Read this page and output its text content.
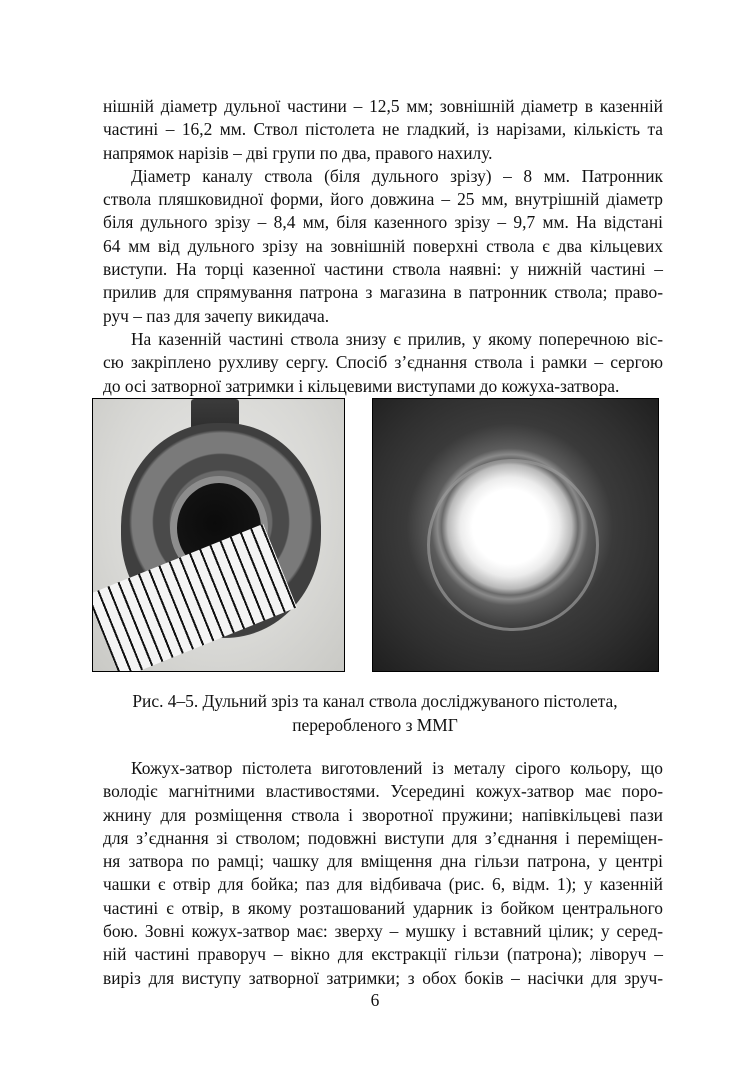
нішній діаметр дульної частини – 12,5 мм; зовнішній діаметр в казенній
частині – 16,2 мм. Ствол пістолета не гладкий, із нарізами, кількість та
напрямок нарізів – дві групи по два, правого нахилу.
Діаметр каналу ствола (біля дульного зрізу) – 8 мм. Патронник
ствола пляшковидної форми, його довжина – 25 мм, внутрішній діаметр
біля дульного зрізу – 8,4 мм, біля казенного зрізу – 9,7 мм. На відстані
64 мм від дульного зрізу на зовнішній поверхні ствола є два кільцевих
виступи. На торці казенної частини ствола наявні: у нижній частині –
прилив для спрямування патрона з магазина в патронник ствола; право-
руч – паз для зачепу викидача.
На казенній частині ствола знизу є прилив, у якому поперечною віс-
сю закріплено рухливу сергу. Спосіб з’єднання ствола і рамки – сергою
до осі затворної затримки і кільцевими виступами до кожуха-затвора.
Рис. 4–5. Дульний зріз та канал ствола досліджуваного пістолета,
переробленого з ММГ
Кожух-затвор пістолета виготовлений із металу сірого кольору, що
володіє магнітними властивостями. Усередині кожух-затвор має поро-
жнину для розміщення ствола і зворотної пружини; напівкільцеві пази
для з’єднання зі стволом; подовжні виступи для з’єднання і переміщен-
ня затвора по рамці; чашку для вміщення дна гільзи патрона, у центрі
чашки є отвір для бойка; паз для відбивача (рис. 6, відм. 1); у казенній
частині є отвір, в якому розташований ударник із бойком центрального
бою. Зовні кожух-затвор має: зверху – мушку і вставний цілик; у серед-
ній частині праворуч – вікно для екстракції гільзи (патрона); ліворуч –
виріз для виступу затворної затримки; з обох боків – насічки для зруч-
6
